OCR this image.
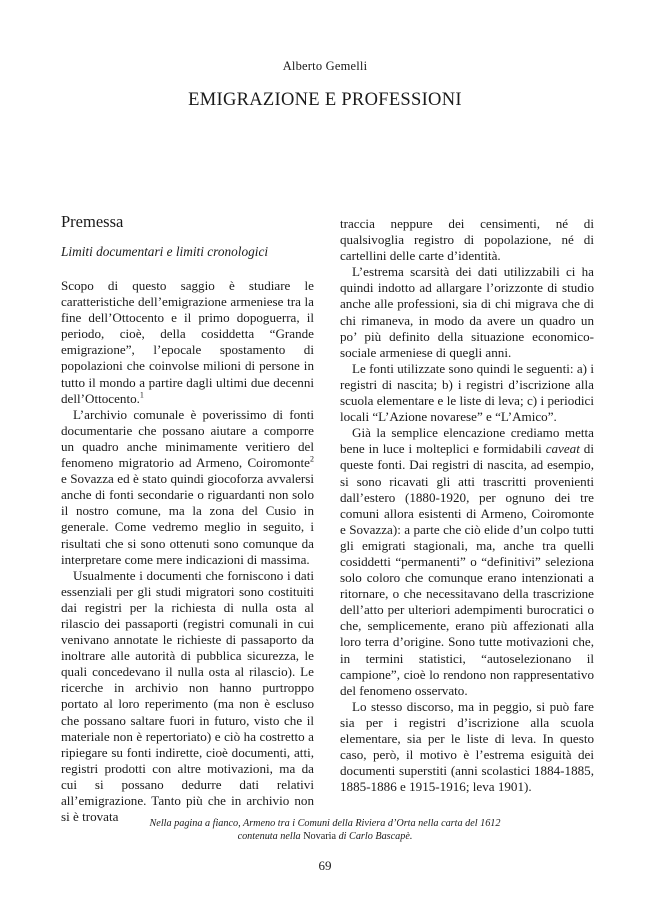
Alberto Gemelli
EMIGRAZIONE E PROFESSIONI
Premessa
Limiti documentari e limiti cronologici

Scopo di questo saggio è studiare le caratteristiche dell’emigrazione armeniese tra la fine dell’Ottocento e il primo dopoguerra, il periodo, cioè, della cosiddetta “Grande emigrazione”, l’epocale spostamento di popolazioni che coinvolse milioni di persone in tutto il mondo a partire dagli ultimi due decenni dell’Ottocento.$^1$

L’archivio comunale è poverissimo di fonti documentarie che possano aiutare a comporre un quadro anche minimamente veritiero del fenomeno migratorio ad Armeno, Coiromonte$^2$ e Sovazza ed è stato quindi giocoforza avvalersi anche di fonti secondarie o riguardanti non solo il nostro comune, ma la zona del Cusio in generale. Come vedremo meglio in seguito, i risultati che si sono ottenuti sono comunque da interpretare come mere indicazioni di massima.

Usualmente i documenti che forniscono i dati essenziali per gli studi migratori sono costituiti dai registri per la richiesta di nulla osta al rilascio dei passaporti (registri comunali in cui venivano annotate le richieste di passaporto da inoltrare alle autorità di pubblica sicurezza, le quali concedevano il nulla osta al rilascio). Le ricerche in archivio non hanno purtroppo portato al loro reperimento (ma non è escluso che possano saltare fuori in futuro, visto che il materiale non è repertoriato) e ciò ha costretto a ripiegare su fonti indirette, cioè documenti, atti, registri prodotti con altre motivazioni, ma da cui si possano dedurre dati relativi all’emigrazione. Tanto più che in archivio non si è trovata

traccia neppure dei censimenti, né di qualsivoglia registro di popolazione, né di cartellini delle carte d’identità.

L’estrema scarsità dei dati utilizzabili ci ha quindi indotto ad allargare l’orizzonte di studio anche alle professioni, sia di chi migrava che di chi rimaneva, in modo da avere un quadro un po’ più definito della situazione economico-sociale armeniese di quegli anni.

Le fonti utilizzate sono quindi le seguenti: a) i registri di nascita; b) i registri d’iscrizione alla scuola elementare e le liste di leva; c) i periodici locali “L’Azione novarese” e “L’Amico”.

Già la semplice elencazione crediamo metta bene in luce i molteplici e formidabili caveat di queste fonti. Dai registri di nascita, ad esempio, si sono ricavati gli atti trascritti provenienti dall’estero (1880-1920, per ognuno dei tre comuni allora esistenti di Armeno, Coiromonte e Sovazza): a parte che ciò elide d’un colpo tutti gli emigrati stagionali, ma, anche tra quelli cosiddetti “permanenti” o “definitivi” seleziona solo coloro che comunque erano intenzionati a ritornare, o che necessitavano della trascrizione dell’atto per ulteriori adempimenti burocratici o che, semplicemente, erano più affezionati alla loro terra d’origine. Sono tutte motivazioni che, in termini statistici, “autoselezionano il campione”, cioè lo rendono non rappresentativo del fenomeno osservato.

Lo stesso discorso, ma in peggio, si può fare sia per i registri d’iscrizione alla scuola elementare, sia per le liste di leva. In questo caso, però, il motivo è l’estrema esiguità dei documenti superstiti (anni scolastici 1884-1885, 1885-1886 e 1915-1916; leva 1901).

Nella pagina a fianco, Armeno tra i Comuni della Riviera d’Orta nella carta del 1612
contenuta nella Novaria di Carlo Bascapè.
69
